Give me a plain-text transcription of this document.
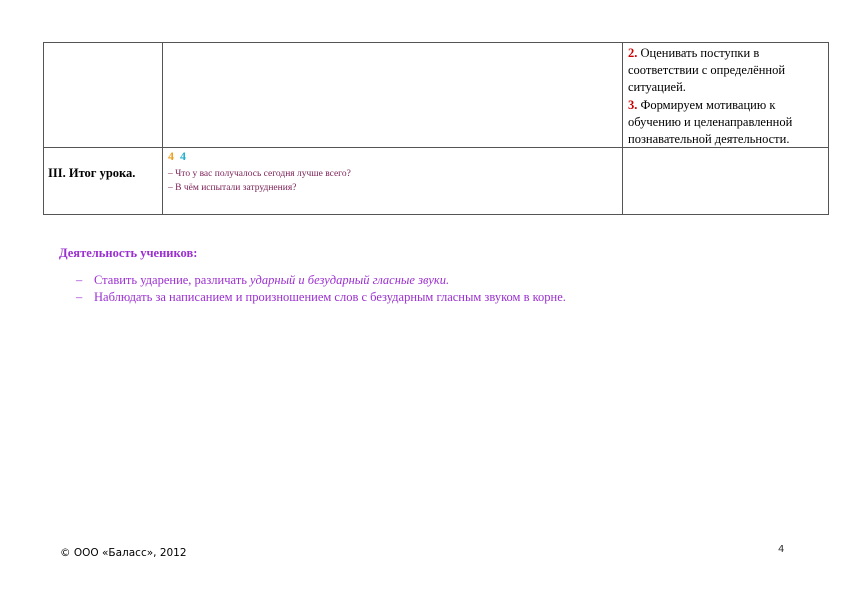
2. Оценивать поступки в соответствии с определённой ситуацией.
3. Формируем мотивацию к обучению и целенаправленной познавательной деятельности.
III. Итог урока.
4 4
– Что у вас получалось сегодня лучше всего?
– В чём испытали затруднения?
Деятельность учеников:
– Ставить ударение, различать ударный и безударный гласные звуки.
– Наблюдать за написанием и произношением слов с безударным гласным звуком в корне.
© ООО «Баласс», 2012	4
